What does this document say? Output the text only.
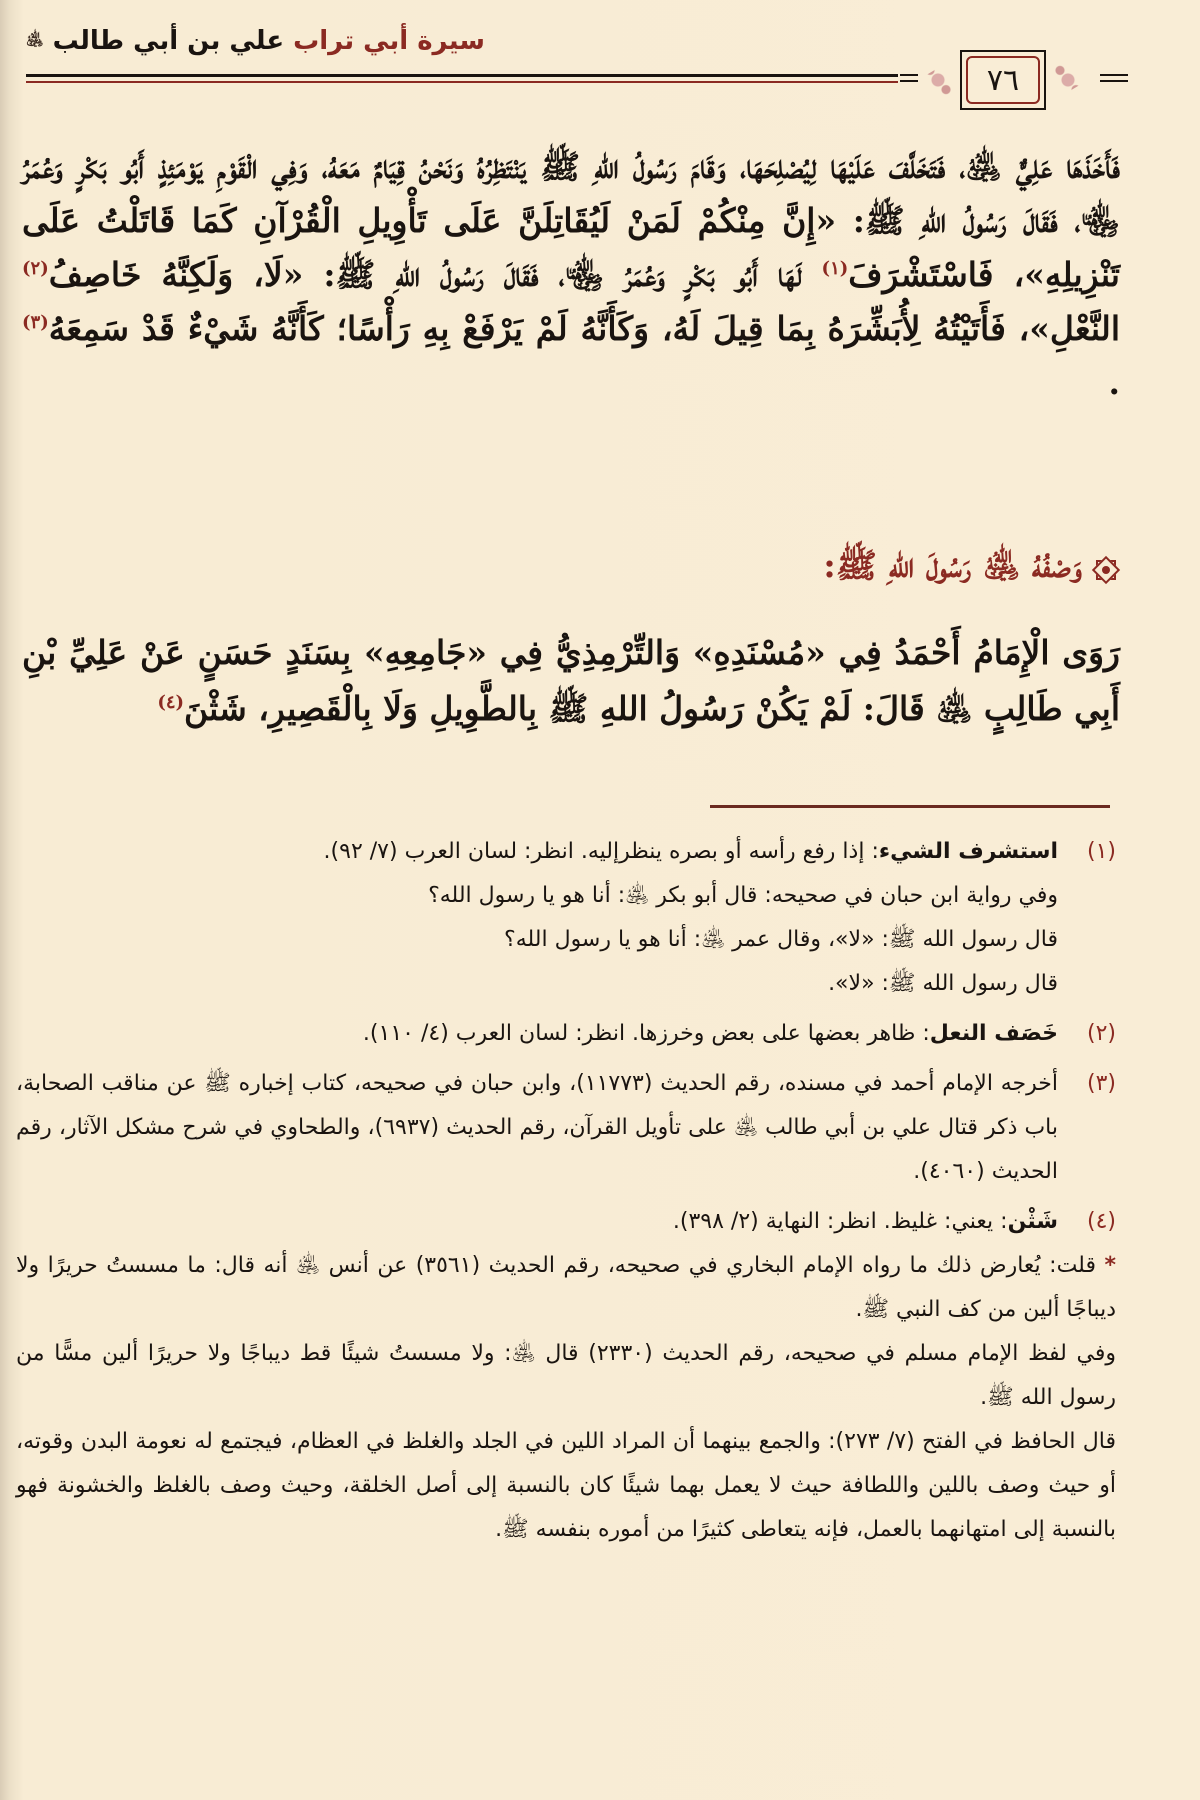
سيرة أبي تراب علي بن أبي طالب ﵁
٧٦

فَأَخَذَهَا عَلِيٌّ ﵁، فَتَخَلَّفَ عَلَيْهَا لِيُصْلِحَهَا، وَقَامَ رَسُولُ اللهِ ﷺ يَنْتَظِرُهُ وَنَحْنُ قِيَامٌ مَعَهُ، وَفِي الْقَوْمِ يَوْمَئِذٍ أَبُو بَكْرٍ وَعُمَرُ ﵄، فَقَالَ رَسُولُ اللهِ ﷺ: «إِنَّ مِنْكُمْ لَمَنْ لَيُقَاتِلَنَّ عَلَى تَأْوِيلِ الْقُرْآنِ كَمَا قَاتَلْتُ عَلَى تَنْزِيلِهِ»، فَاسْتَشْرَفَ$^{(١)}$ لَهَا أَبُو بَكْرٍ وَعُمَرُ ﵄، فَقَالَ رَسُولُ اللهِ ﷺ: «لَا، وَلَكِنَّهُ خَاصِفُ$^{(٢)}$ النَّعْلِ»، فَأَتَيْتُهُ لِأُبَشِّرَهُ بِمَا قِيلَ لَهُ، وَكَأَنَّهُ لَمْ يَرْفَعْ بِهِ رَأْسًا؛ كَأَنَّهُ شَيْءٌ قَدْ سَمِعَهُ$^{(٣)}$ .

وَصْفُهُ ﵁ رَسُولَ اللهِ ﷺ:

رَوَى الْإِمَامُ أَحْمَدُ فِي «مُسْنَدِهِ» وَالتِّرْمِذِيُّ فِي «جَامِعِهِ» بِسَنَدٍ حَسَنٍ عَنْ عَلِيِّ بْنِ أَبِي طَالِبٍ ﵁ قَالَ: لَمْ يَكُنْ رَسُولُ اللهِ ﷺ بِالطَّوِيلِ وَلَا بِالْقَصِيرِ، شَثْنَ$^{(٤)}$

(١)

استشرف الشيء: إذا رفع رأسه أو بصره ينظرإليه. انظر: لسان العرب (٧/ ٩٢).

وفي رواية ابن حبان في صحيحه: قال أبو بكر ﵁: أنا هو يا رسول الله؟

قال رسول الله ﷺ: «لا»، وقال عمر ﵁: أنا هو يا رسول الله؟

قال رسول الله ﷺ: «لا».

(٢)

خَصَف النعل: ظاهر بعضها على بعض وخرزها. انظر: لسان العرب (٤/ ١١٠).

(٣)

أخرجه الإمام أحمد في مسنده، رقم الحديث (١١٧٧٣)، وابن حبان في صحيحه، كتاب إخباره ﷺ عن مناقب الصحابة، باب ذكر قتال علي بن أبي طالب ﵁ على تأويل القرآن، رقم الحديث (٦٩٣٧)، والطحاوي في شرح مشكل الآثار، رقم الحديث (٤٠٦٠).

(٤)

شَثْن: يعني: غليظ. انظر: النهاية (٢/ ٣٩٨).

* قلت: يُعارض ذلك ما رواه الإمام البخاري في صحيحه، رقم الحديث (٣٥٦١) عن أنس ﵁ أنه قال: ما مسستُ حريرًا ولا ديباجًا ألين من كف النبي ﷺ.

وفي لفظ الإمام مسلم في صحيحه، رقم الحديث (٢٣٣٠) قال ﵁: ولا مسستُ شيئًا قط ديباجًا ولا حريرًا ألين مسًّا من رسول الله ﷺ.

قال الحافظ في الفتح (٧/ ٢٧٣): والجمع بينهما أن المراد اللين في الجلد والغلظ في العظام، فيجتمع له نعومة البدن وقوته، أو حيث وصف باللين واللطافة حيث لا يعمل بهما شيئًا كان بالنسبة إلى أصل الخلقة، وحيث وصف بالغلظ والخشونة فهو بالنسبة إلى امتهانهما بالعمل، فإنه يتعاطى كثيرًا من أموره بنفسه ﷺ.
